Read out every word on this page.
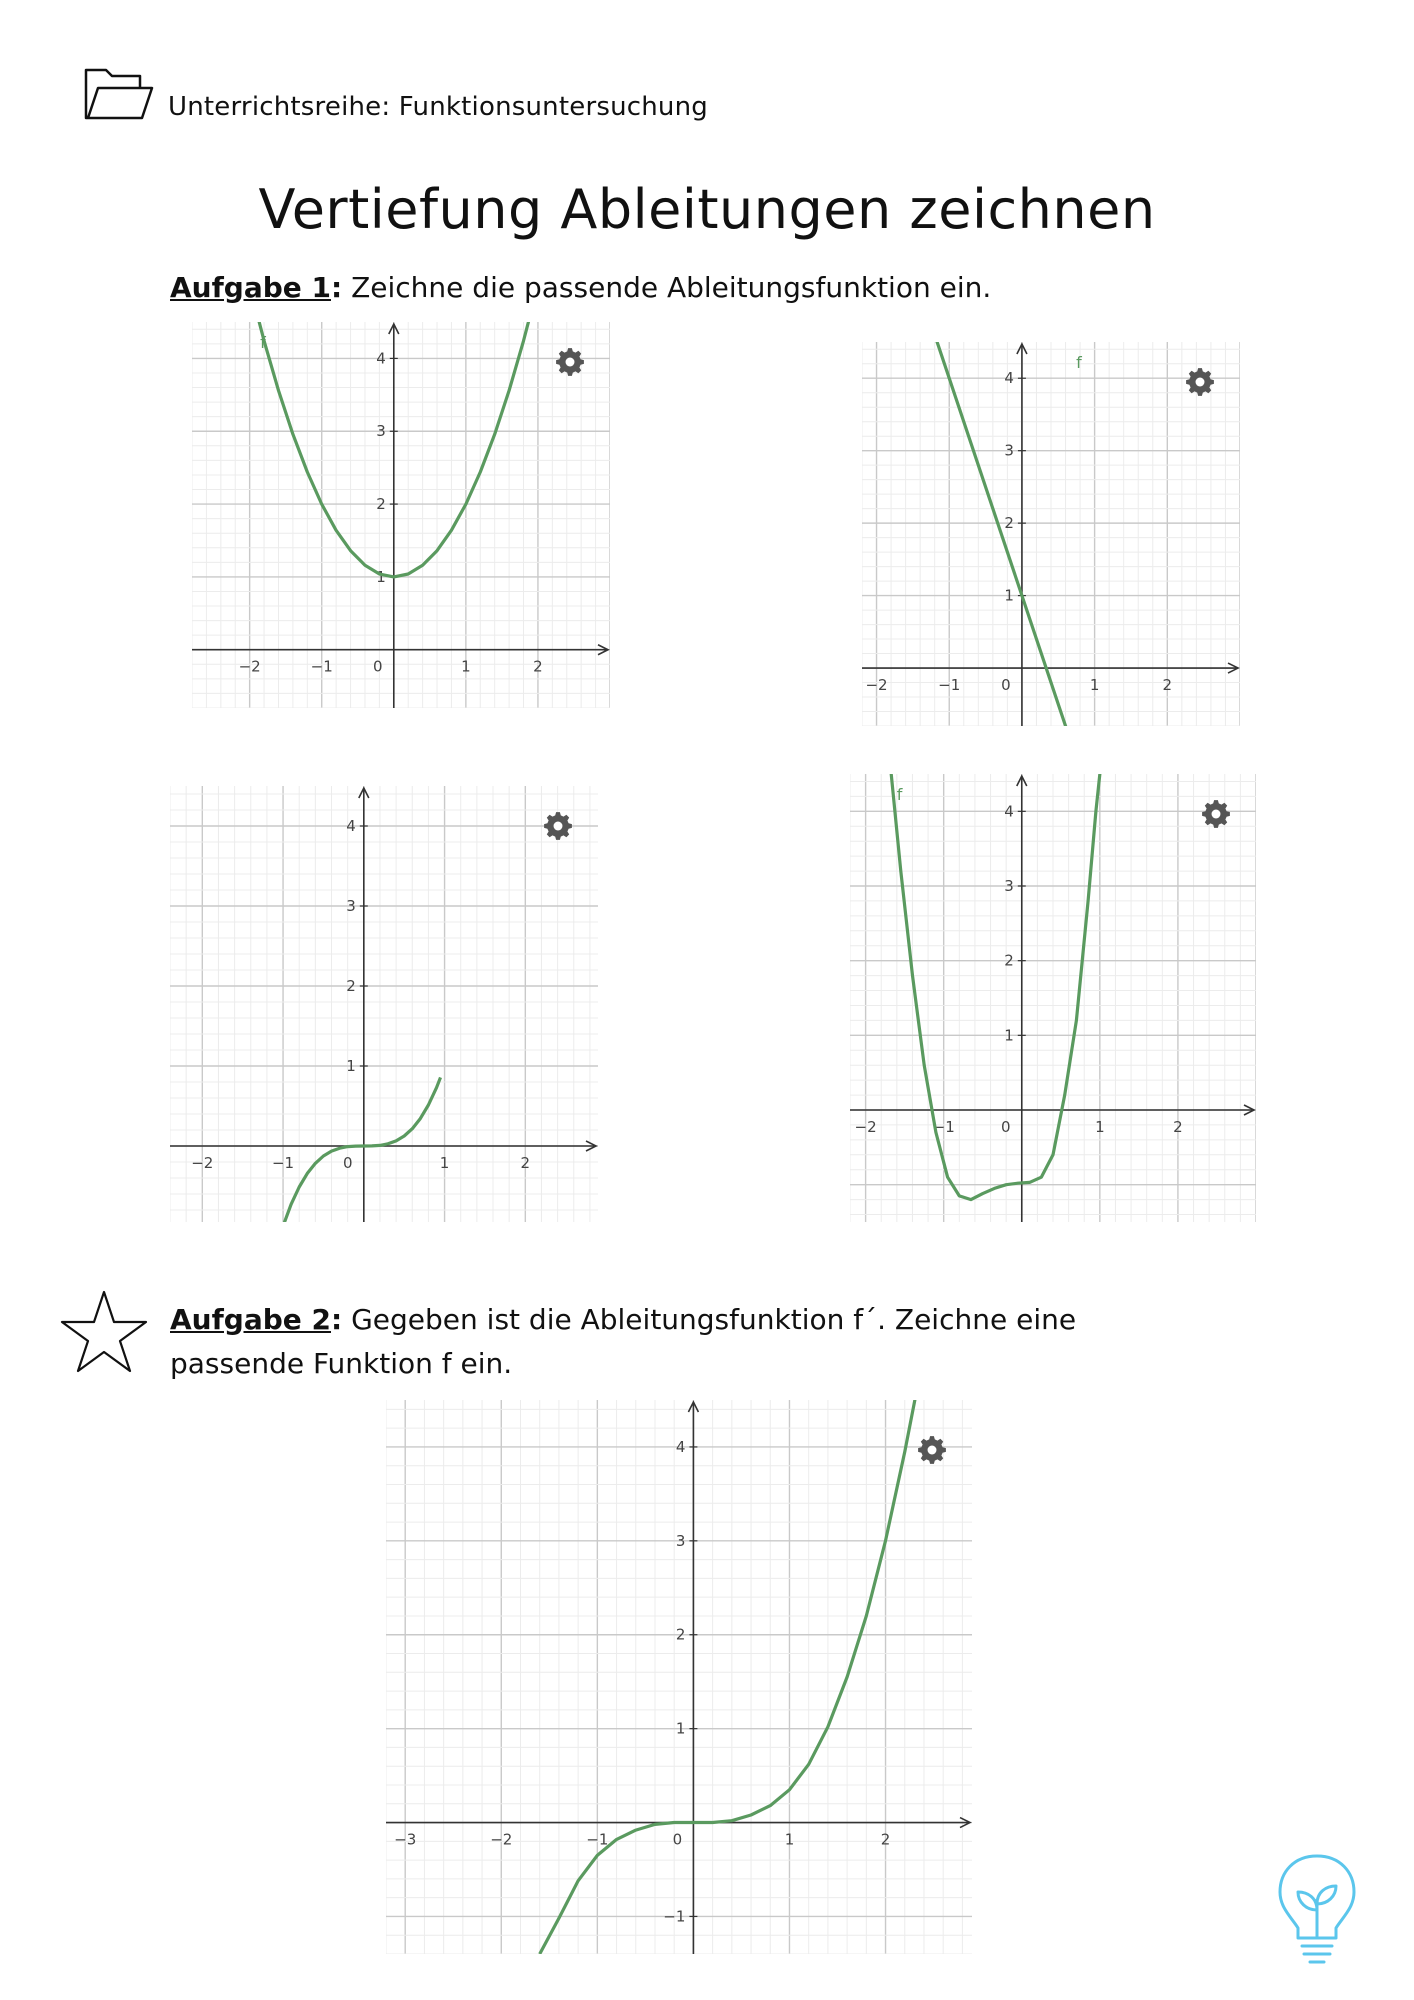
Unterrichtsreihe: Funktionsuntersuchung
Vertiefung Ableitungen zeichnen
Aufgabe 1: Zeichne die passende Ableitungsfunktion ein.
−2	−1	0	1	2
1
2
3
4
f
−2	−1	0	1	2
1
2
3
4
f
−2	−1	0	1	2
1
2
3
4
−2	−1	0	1	2
1
2
3
4
f
−3	−2	−1	0	1	2
−1
1
2
3
4
Aufgabe 2: Gegeben ist die Ableitungsfunktion f´. Zeichne eine passende Funktion f ein.
